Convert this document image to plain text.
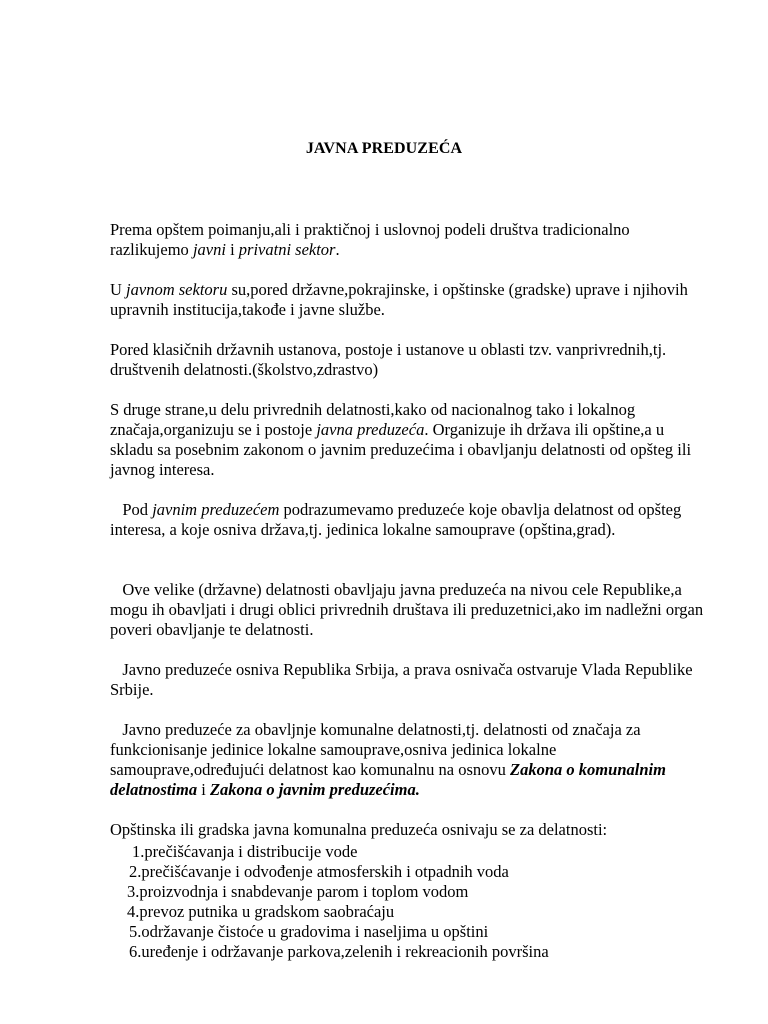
JAVNA PREDUZEĆA

Prema opštem poimanju,ali i praktičnoj i uslovnoj podeli društva tradicionalno razlikujemo javni i privatni sektor.

U javnom sektoru su,pored državne,pokrajinske, i opštinske (gradske) uprave i njihovih upravnih institucija,takođe i javne službe.

Pored klasičnih državnih ustanova, postoje i ustanove u oblasti tzv. vanprivrednih,tj. društvenih delatnosti.(školstvo,zdrastvo)

S druge strane,u delu privrednih delatnosti,kako od nacionalnog tako i lokalnog značaja,organizuju se i postoje javna preduzeća. Organizuje ih država ili opštine,a u skladu sa posebnim zakonom o javnim preduzećima i obavljanju delatnosti od opšteg ili javnog interesa.

Pod javnim preduzećem podrazumevamo preduzeće koje obavlja delatnost od opšteg interesa, a koje osniva država,tj. jedinica lokalne samouprave (opština,grad).

Ove velike (državne) delatnosti obavljaju javna preduzeća na nivou cele Republike,a mogu ih obavljati i drugi oblici privrednih društava ili preduzetnici,ako im nadležni organ poveri obavljanje te delatnosti.

Javno preduzeće osniva Republika Srbija, a prava osnivača ostvaruje Vlada Republike Srbije.

Javno preduzeće za obavljnje komunalne delatnosti,tj. delatnosti od značaja za funkcionisanje jedinice lokalne samouprave,osniva jedinica lokalne samouprave,određujući delatnost kao komunalnu na osnovu Zakona o komunalnim delatnostima i Zakona o javnim preduzećima.

Opštinska ili gradska javna komunalna preduzeća osnivaju se za delatnosti:

1.prečišćavanja i distribucije vode
2.prečišćavanje i odvođenje atmosferskih i otpadnih voda
3.proizvodnja i snabdevanje parom i toplom vodom
4.prevoz putnika u gradskom saobraćaju
5.održavanje čistoće u gradovima i naseljima u opštini
6.uređenje i održavanje parkova,zelenih i rekreacionih površina
